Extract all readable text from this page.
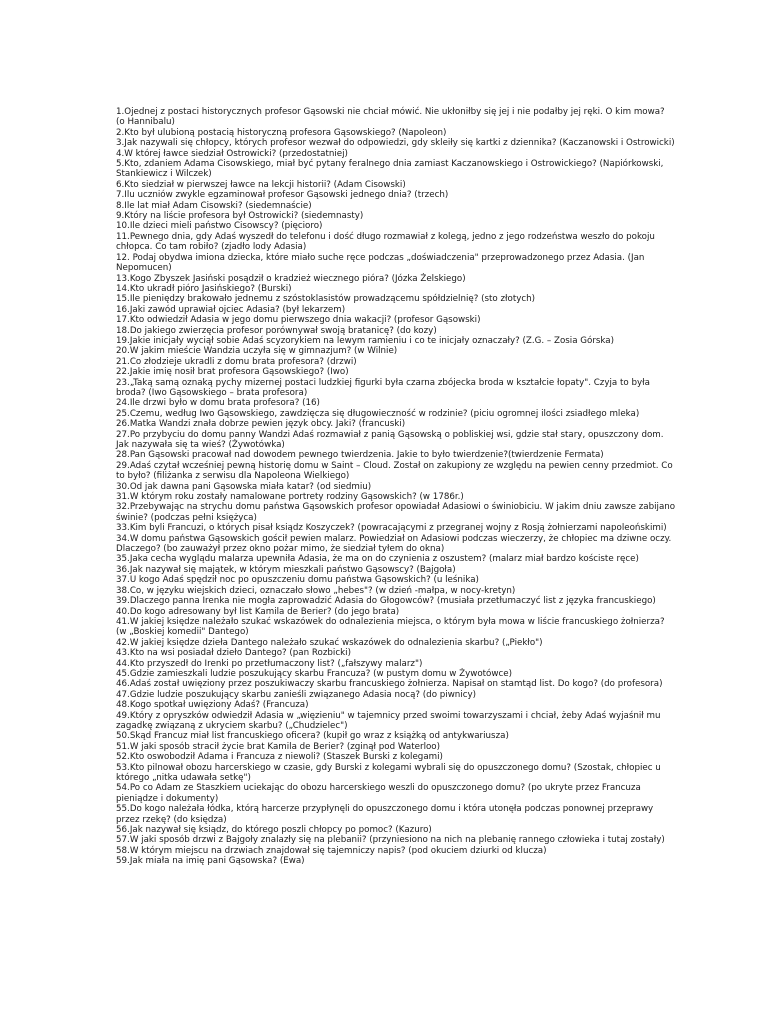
1.Ojednej z postaci historycznych profesor Gąsowski nie chciał mówić. Nie ukłoniłby się jej i nie podałby jej ręki. O kim mowa? (o Hannibalu)

2.Kto był ulubioną postacią historyczną profesora Gąsowskiego? (Napoleon)

3.Jak nazywali się chłopcy, których profesor wezwał do odpowiedzi, gdy skleiły się kartki z dziennika? (Kaczanowski i Ostrowicki)

4.W której ławce siedział Ostrowicki? (przedostatniej)

5.Kto, zdaniem Adama Cisowskiego, miał być pytany feralnego dnia zamiast Kaczanowskiego i Ostrowickiego? (Napiórkowski, Stankiewicz i Wilczek)

6.Kto siedział w pierwszej ławce na lekcji historii? (Adam Cisowski)

7.Ilu uczniów zwykle egzaminował profesor Gąsowski jednego dnia? (trzech)

8.Ile lat miał Adam Cisowski? (siedemnaście)

9.Który na liście profesora był Ostrowicki? (siedemnasty)

10.Ile dzieci mieli państwo Cisowscy? (pięcioro)

11.Pewnego dnia, gdy Adaś wyszedł do telefonu i dość długo rozmawiał z kolegą, jedno z jego rodzeństwa weszło do pokoju chłopca. Co tam robiło? (zjadło lody Adasia)

12. Podaj obydwa imiona dziecka, które miało suche ręce podczas „doświadczenia" przeprowadzonego przez Adasia. (Jan Nepomucen)

13.Kogo Zbyszek Jasiński posądził o kradzież wiecznego pióra? (Józka Żelskiego)

14.Kto ukradł pióro Jasińskiego? (Burski)

15.Ile pieniędzy brakowało jednemu z szóstoklasistów prowadzącemu spółdzielnię? (sto złotych)

16.Jaki zawód uprawiał ojciec Adasia? (był lekarzem)

17.Kto odwiedził Adasia w jego domu pierwszego dnia wakacji? (profesor Gąsowski)

18.Do jakiego zwierzęcia profesor porównywał swoją bratanicę? (do kozy)

19.Jakie inicjały wyciął sobie Adaś scyzorykiem na lewym ramieniu i co te inicjały oznaczały? (Z.G. – Zosia Górska)

20.W jakim mieście Wandzia uczyła się w gimnazjum? (w Wilnie)

21.Co złodzieje ukradli z domu brata profesora? (drzwi)

22.Jakie imię nosił brat profesora Gąsowskiego? (Iwo)

23.„Taką samą oznaką pychy mizernej postaci ludzkiej figurki była czarna zbójecka broda w kształcie łopaty". Czyja to była broda? (Iwo Gąsowskiego – brata profesora)

24.Ile drzwi było w domu brata profesora? (16)

25.Czemu, według Iwo Gąsowskiego, zawdzięcza się długowieczność w rodzinie? (piciu ogromnej ilości zsiadłego mleka)

26.Matka Wandzi znała dobrze pewien język obcy. Jaki? (francuski)

27.Po przybyciu do domu panny Wandzi Adaś rozmawiał z panią Gąsowską o pobliskiej wsi, gdzie stał stary, opuszczony dom. Jak nazywała się ta wieś? (Żywotówka)

28.Pan Gąsowski pracował nad dowodem pewnego twierdzenia. Jakie to było twierdzenie?(twierdzenie Fermata)

29.Adaś czytał wcześniej pewną historię domu w Saint – Cloud. Został on zakupiony ze względu na pewien cenny przedmiot. Co to było? (filiżanka z serwisu dla Napoleona Wielkiego)

30.Od jak dawna pani Gąsowska miała katar? (od siedmiu)

31.W którym roku zostały namalowane portrety rodziny Gąsowskich? (w 1786r.)

32.Przebywając na strychu domu państwa Gąsowskich profesor opowiadał Adasiowi o świniobiciu. W jakim dniu zawsze zabijano świnie? (podczas pełni księżyca)

33.Kim byli Francuzi, o których pisał ksiądz Koszyczek? (powracającymi z przegranej wojny z Rosją żołnierzami napoleońskimi)

34.W domu państwa Gąsowskich gościł pewien malarz. Powiedział on Adasiowi podczas wieczerzy, że chłopiec ma dziwne oczy. Dlaczego? (bo zauważył przez okno pożar mimo, że siedział tyłem do okna)

35.Jaka cecha wyglądu malarza upewniła Adasia, że ma on do czynienia z oszustem? (malarz miał bardzo kościste ręce)

36.Jak nazywał się majątek, w którym mieszkali państwo Gąsowscy? (Bajgoła)

37.U kogo Adaś spędził noc po opuszczeniu domu państwa Gąsowskich? (u leśnika)

38.Co, w języku wiejskich dzieci, oznaczało słowo „hebes"? (w dzień -małpa, w nocy-kretyn)

39.Dlaczego panna Irenka nie mogła zaprowadzić Adasia do Głogowców? (musiała przetłumaczyć list z języka francuskiego)

40.Do kogo adresowany był list Kamila de Berier? (do jego brata)

41.W jakiej księdze należało szukać wskazówek do odnalezienia miejsca, o którym była mowa w liście francuskiego żołnierza? (w „Boskiej komedii" Dantego)

42.W jakiej księdze dzieła Dantego należało szukać wskazówek do odnalezienia skarbu? („Piekło")

43.Kto na wsi posiadał dzieło Dantego? (pan Rozbicki)

44.Kto przyszedł do Irenki po przetłumaczony list? („fałszywy malarz")

45.Gdzie zamieszkali ludzie poszukujący skarbu Francuza? (w pustym domu w Żywotówce)

46.Adaś został uwięziony przez poszukiwaczy skarbu francuskiego żołnierza. Napisał on stamtąd list. Do kogo? (do profesora)

47.Gdzie ludzie poszukujący skarbu zanieśli związanego Adasia nocą? (do piwnicy)

48.Kogo spotkał uwięziony Adaś? (Francuza)

49.Który z opryszków odwiedził Adasia w „więzieniu" w tajemnicy przed swoimi towarzyszami i chciał, żeby Adaś wyjaśnił mu zagadkę związaną z ukryciem skarbu? („Chudzielec")

50.Skąd Francuz miał list francuskiego oficera? (kupił go wraz z książką od antykwariusza)

51.W jaki sposób stracił życie brat Kamila de Berier? (zginął pod Waterloo)

52.Kto oswobodził Adama i Francuza z niewoli? (Staszek Burski z kolegami)

53.Kto pilnował obozu harcerskiego w czasie, gdy Burski z kolegami wybrali się do opuszczonego domu? (Szostak, chłopiec u którego „nitka udawała setkę")

54.Po co Adam ze Staszkiem uciekając do obozu harcerskiego weszli do opuszczonego domu? (po ukryte przez Francuza pieniądze i dokumenty)

55.Do kogo należała łódka, którą harcerze przypłynęli do opuszczonego domu i która utonęła podczas ponownej przeprawy przez rzekę? (do księdza)

56.Jak nazywał się ksiądz, do którego poszli chłopcy po pomoc? (Kazuro)

57.W jaki sposób drzwi z Bajgoły znalazły się na plebanii? (przyniesiono na nich na plebanię rannego człowieka i tutaj zostały)

58.W którym miejscu na drzwiach znajdował się tajemniczy napis? (pod okuciem dziurki od klucza)

59.Jak miała na imię pani Gąsowska? (Ewa)
